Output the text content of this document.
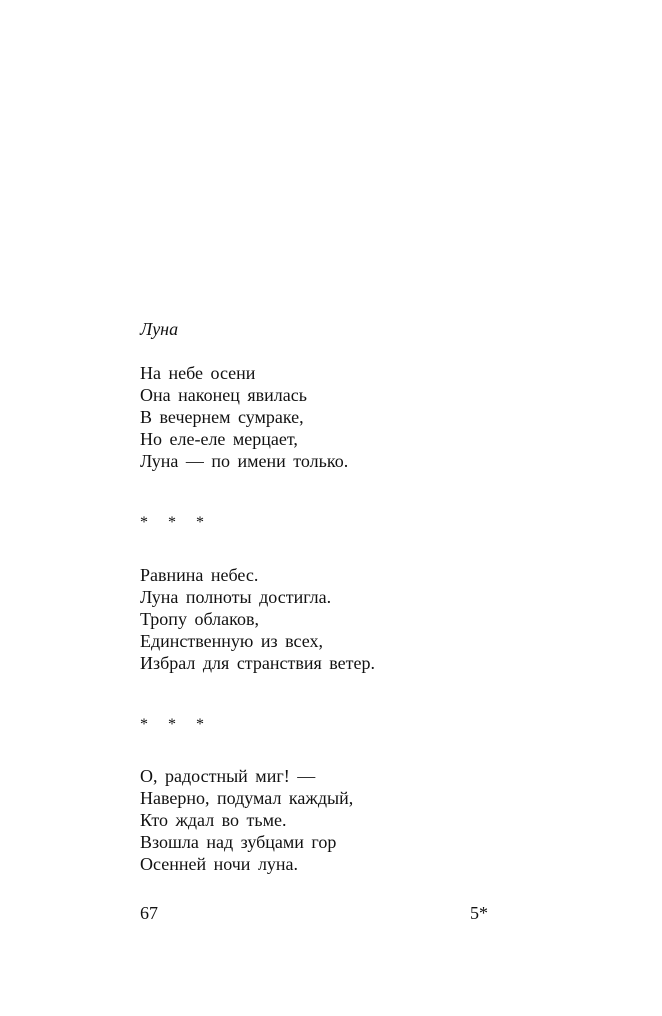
Луна

На небе осени
Она наконец явилась
В вечернем сумраке,
Но еле-еле мерцает,
Луна — по имени только.

* * *

Равнина небес.
Луна полноты достигла.
Тропу облаков,
Единственную из всех,
Избрал для странствия ветер.

* * *

О, радостный миг! —
Наверно, подумал каждый,
Кто ждал во тьме.
Взошла над зубцами гор
Осенней ночи луна.
67	5*
